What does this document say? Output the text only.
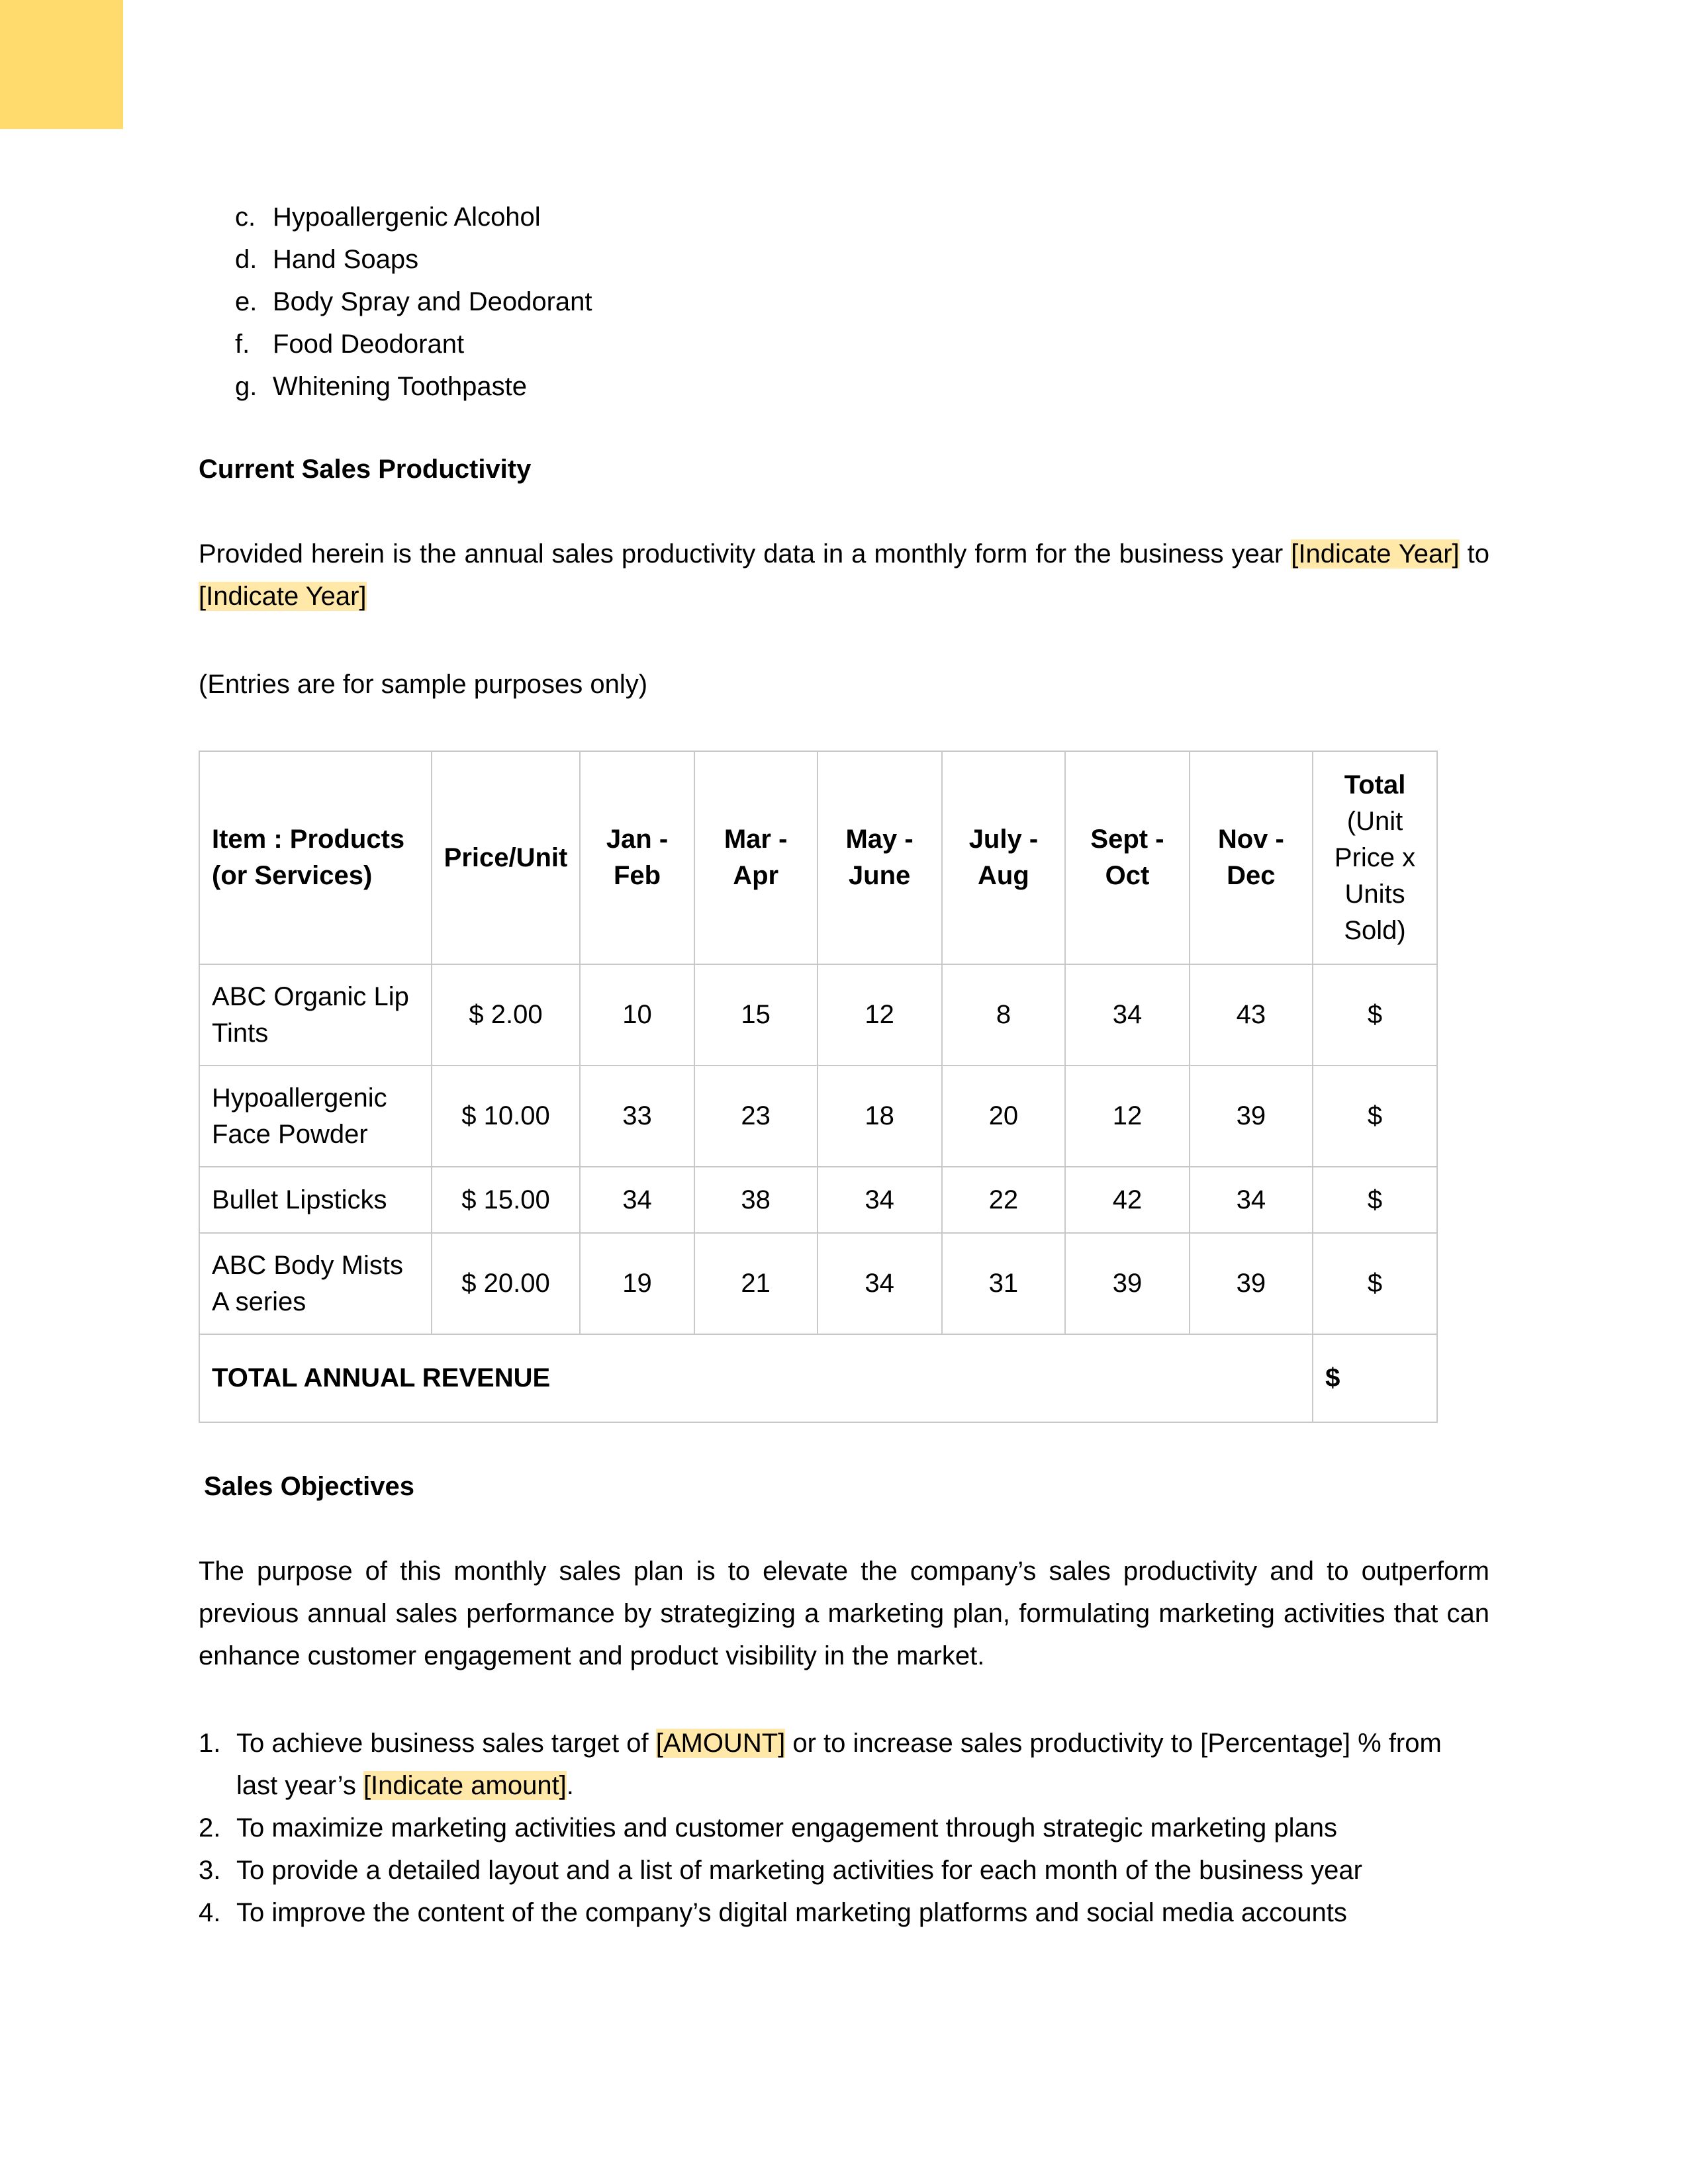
c. Hypoallergenic Alcohol
d. Hand Soaps
e. Body Spray and Deodorant
f. Food Deodorant
g. Whitening Toothpaste
Current Sales Productivity
Provided herein is the annual sales productivity data in a monthly form for the business year [Indicate Year] to [Indicate Year]
(Entries are for sample purposes only)
Item : Products (or Services)	Price/Unit	Jan - Feb	Mar - Apr	May - June	July - Aug	Sept - Oct	Nov - Dec	Total
(Unit Price x Units Sold)
ABC Organic Lip Tints	$ 2.00	10	15	12	8	34	43	$
Hypoallergenic Face Powder	$ 10.00	33	23	18	20	12	39	$
Bullet Lipsticks	$ 15.00	34	38	34	22	42	34	$
ABC Body Mists A series	$ 20.00	19	21	34	31	39	39	$
TOTAL ANNUAL REVENUE								$
Sales Objectives
The purpose of this monthly sales plan is to elevate the company’s sales productivity and to outperform previous annual sales performance by strategizing a marketing plan, formulating marketing activities that can enhance customer engagement and product visibility in the market.
1. To achieve business sales target of [AMOUNT] or to increase sales productivity to [Percentage] % from last year’s [Indicate amount].
2. To maximize marketing activities and customer engagement through strategic marketing plans
3. To provide a detailed layout and a list of marketing activities for each month of the business year
4. To improve the content of the company’s digital marketing platforms and social media accounts
